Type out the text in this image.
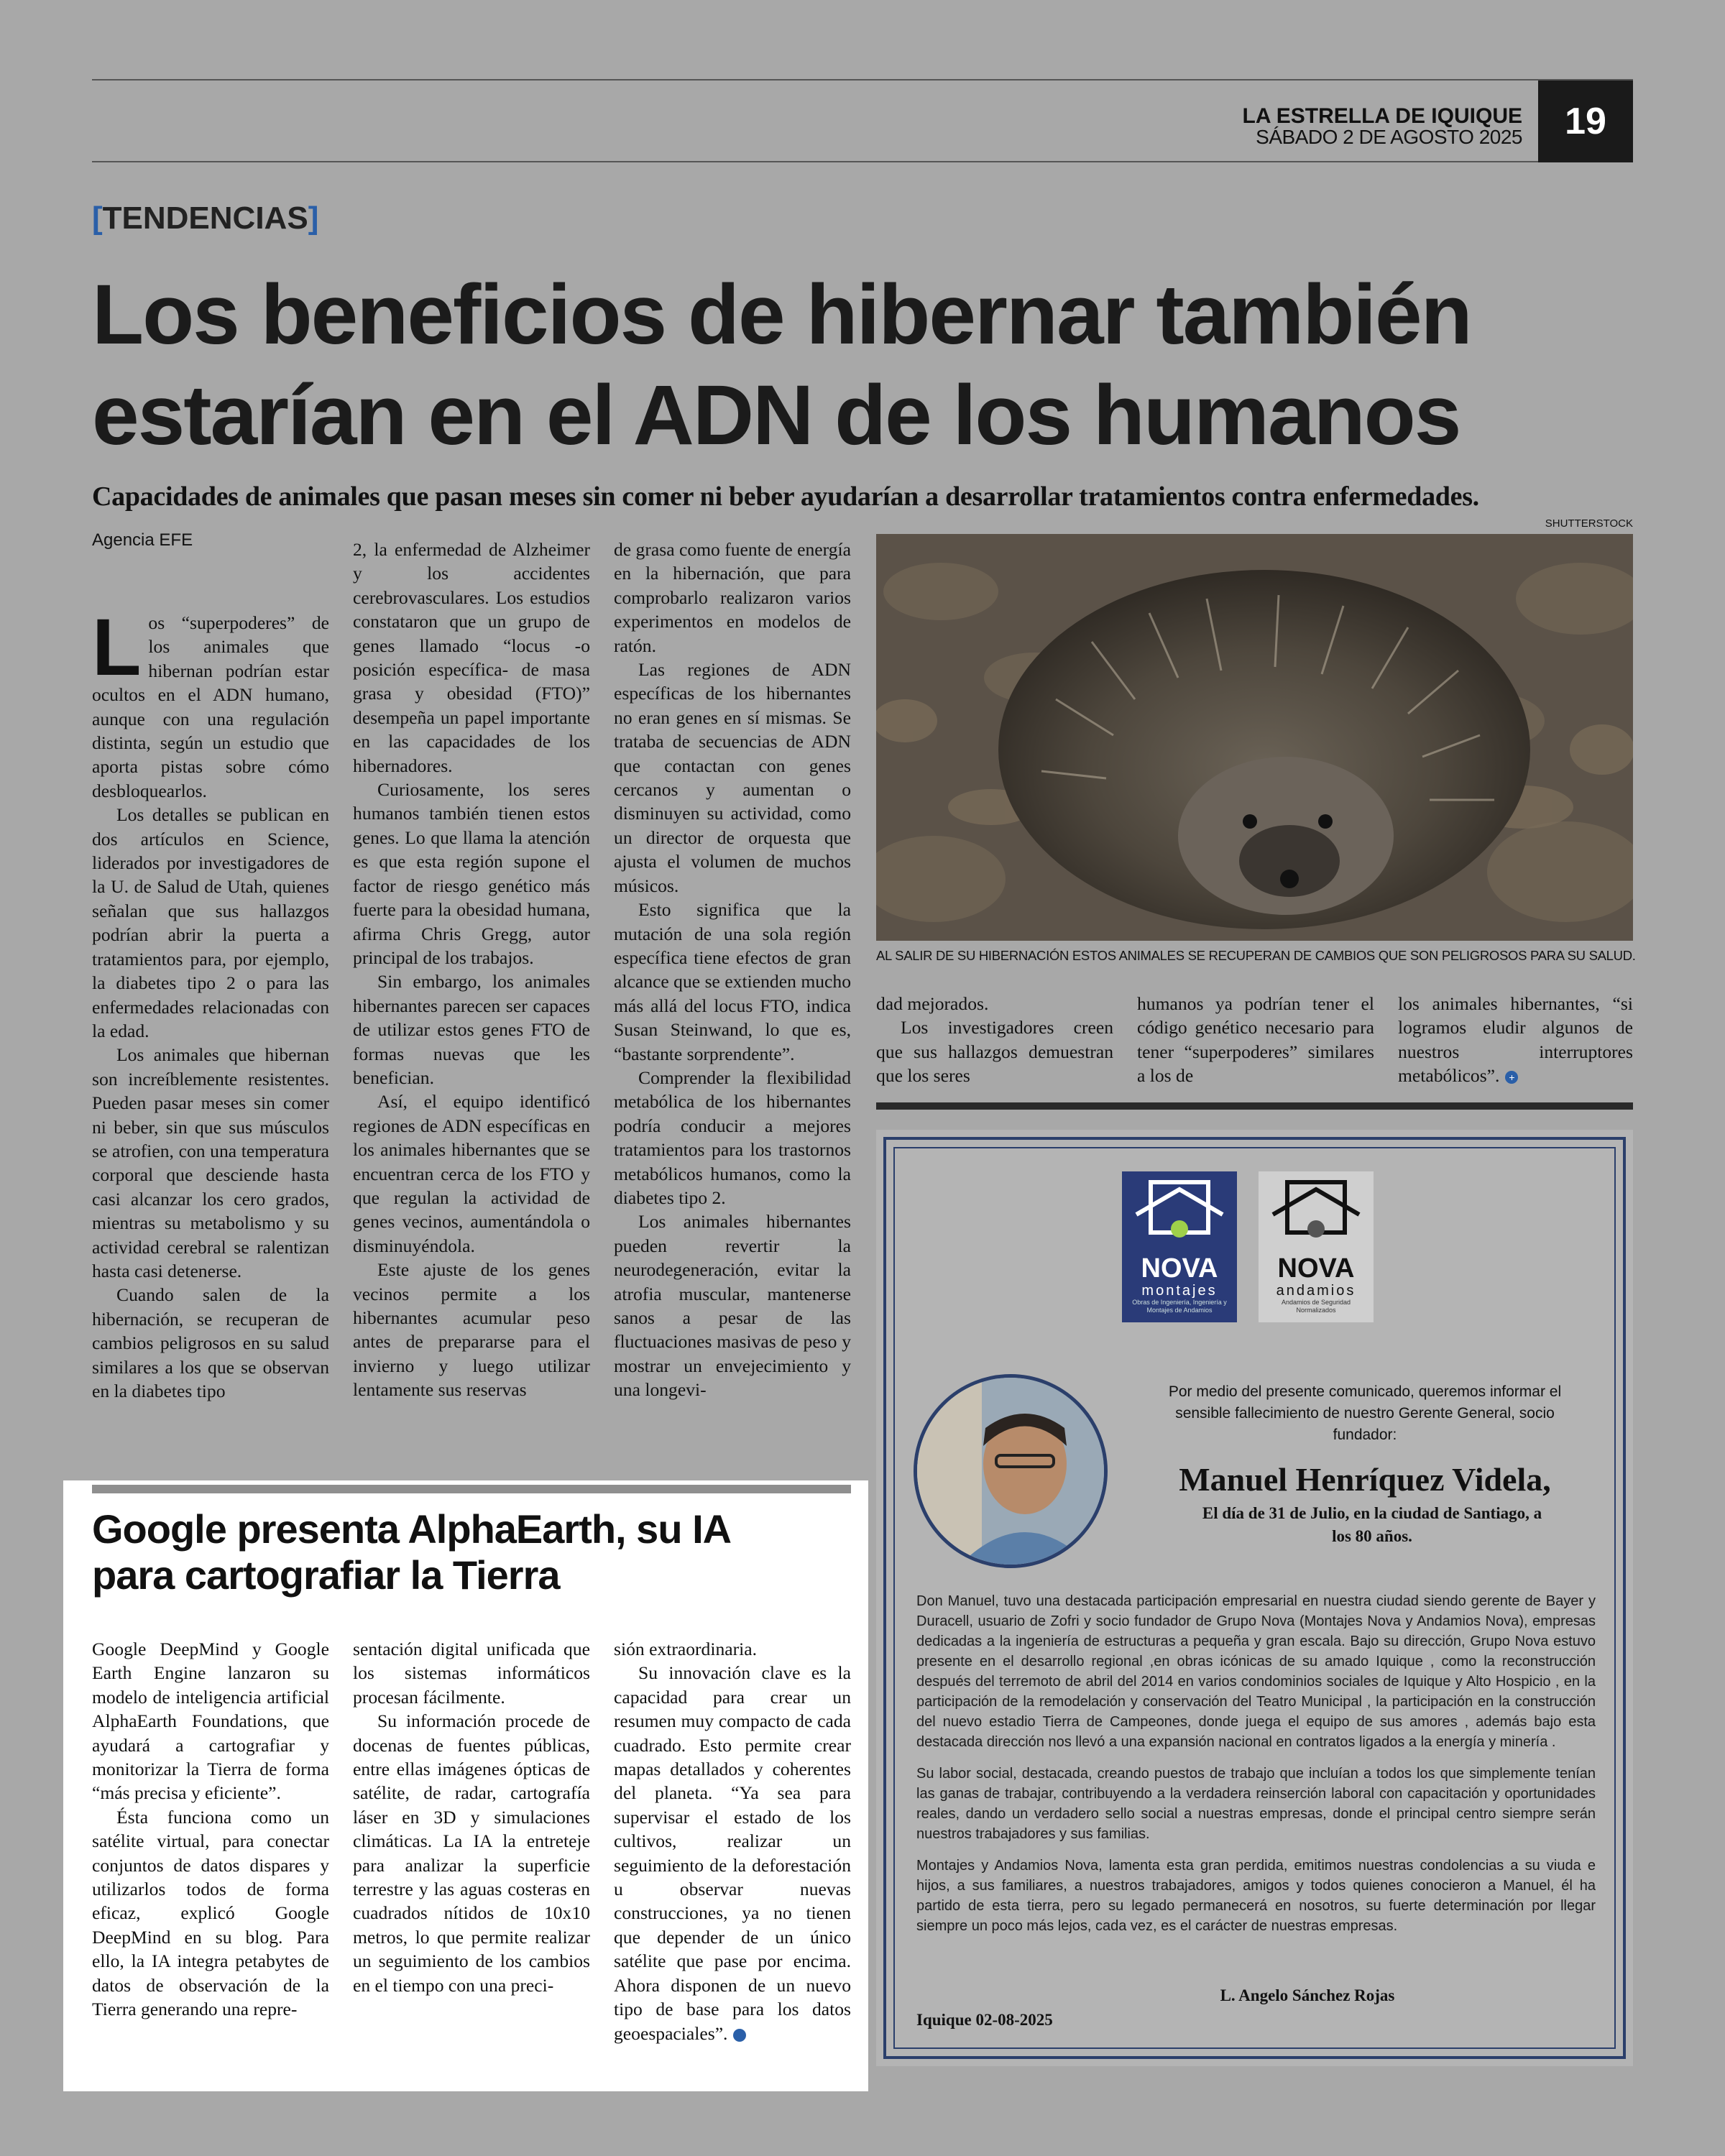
LA ESTRELLA DE IQUIQUE
SÁBADO 2 DE AGOSTO 2025	19
[TENDENCIAS]
Los beneficios de hibernar también
estarían en el ADN de los humanos
Capacidades de animales que pasan meses sin comer ni beber ayudarían a desarrollar tratamientos contra enfermedades.
Agencia EFE
SHUTTERSTOCK

Los “superpoderes” de los animales que hibernan podrían estar ocultos en el ADN humano, aunque con una regulación distinta, según un estudio que aporta pistas sobre cómo desbloquearlos.

Los detalles se publican en dos artículos en Science, liderados por investigadores de la U. de Salud de Utah, quienes señalan que sus hallazgos podrían abrir la puerta a tratamientos para, por ejemplo, la diabetes tipo 2 o para las enfermedades relacionadas con la edad.

Los animales que hibernan son increíblemente resistentes. Pueden pasar meses sin comer ni beber, sin que sus músculos se atrofien, con una temperatura corporal que desciende hasta casi alcanzar los cero grados, mientras su metabolismo y su actividad cerebral se ralentizan hasta casi detenerse.

Cuando salen de la hibernación, se recuperan de cambios peligrosos en su salud similares a los que se observan en la diabetes tipo

2, la enfermedad de Alzheimer y los accidentes cerebrovasculares. Los estudios constataron que un grupo de genes llamado “locus -o posición específica- de masa grasa y obesidad (FTO)” desempeña un papel importante en las capacidades de los hibernadores.

Curiosamente, los seres humanos también tienen estos genes. Lo que llama la atención es que esta región supone el factor de riesgo genético más fuerte para la obesidad humana, afirma Chris Gregg, autor principal de los trabajos.

Sin embargo, los animales hibernantes parecen ser capaces de utilizar estos genes FTO de formas nuevas que les benefician.

Así, el equipo identificó regiones de ADN específicas en los animales hibernantes que se encuentran cerca de los FTO y que regulan la actividad de genes vecinos, aumentándola o disminuyéndola.

Este ajuste de los genes vecinos permite a los hibernantes acumular peso antes de prepararse para el invierno y luego utilizar lentamente sus reservas

de grasa como fuente de energía en la hibernación, que para comprobarlo realizaron varios experimentos en modelos de ratón.

Las regiones de ADN específicas de los hibernantes no eran genes en sí mismas. Se trataba de secuencias de ADN que contactan con genes cercanos y aumentan o disminuyen su actividad, como un director de orquesta que ajusta el volumen de muchos músicos.

Esto significa que la mutación de una sola región específica tiene efectos de gran alcance que se extienden mucho más allá del locus FTO, indica Susan Steinwand, lo que es, “bastante sorprendente”.

Comprender la flexibilidad metabólica de los hibernantes podría conducir a mejores tratamientos para los trastornos metabólicos humanos, como la diabetes tipo 2.

Los animales hibernantes pueden revertir la neurodegeneración, evitar la atrofia muscular, mantenerse sanos a pesar de las fluctuaciones masivas de peso y mostrar un envejecimiento y una longevi-

AL SALIR DE SU HIBERNACIÓN ESTOS ANIMALES SE RECUPERAN DE CAMBIOS QUE SON PELIGROSOS PARA SU SALUD.

dad mejorados.

Los investigadores creen que sus hallazgos demuestran que los seres

humanos ya podrían tener el código genético necesario para tener “superpoderes” similares a los de

los animales hibernantes, “si logramos eludir algunos de nuestros interruptores metabólicos”. +

Google presenta AlphaEarth, su IA
para cartografiar la Tierra

Google DeepMind y Google Earth Engine lanzaron su modelo de inteligencia artificial AlphaEarth Foundations, que ayudará a cartografiar y monitorizar la Tierra de forma “más precisa y eficiente”.

Ésta funciona como un satélite virtual, para conectar conjuntos de datos dispares y utilizarlos todos de forma eficaz, explicó Google DeepMind en su blog. Para ello, la IA integra petabytes de datos de observación de la Tierra generando una repre-

sentación digital unificada que los sistemas informáticos procesan fácilmente.

Su información procede de docenas de fuentes públicas, entre ellas imágenes ópticas de satélite, de radar, cartografía láser en 3D y simulaciones climáticas. La IA la entreteje para analizar la superficie terrestre y las aguas costeras en cuadrados nítidos de 10x10 metros, lo que permite realizar un seguimiento de los cambios en el tiempo con una preci-

sión extraordinaria.

Su innovación clave es la capacidad para crear un resumen muy compacto de cada cuadrado. Esto permite crear mapas detallados y coherentes del planeta. “Ya sea para supervisar el estado de los cultivos, realizar un seguimiento de la deforestación u observar nuevas construcciones, ya no tienen que depender de un único satélite que pase por encima. Ahora disponen de un nuevo tipo de base para los datos geoespaciales”.	+

NOVA
montajes
Obras de Ingeniería, Ingeniería y Montajes de Andamios
NOVA
andamios
Andamios de Seguridad Normalizados
Por medio del presente comunicado, queremos informar el sensible fallecimiento de nuestro Gerente General, socio fundador:
Manuel Henríquez Videla,
El día de 31 de Julio, en la ciudad de Santiago, a los 80 años.

Don Manuel, tuvo una destacada participación empresarial en nuestra ciudad siendo gerente de Bayer y Duracell, usuario de Zofri y socio fundador de Grupo Nova (Montajes Nova y Andamios Nova), empresas dedicadas a la ingeniería de estructuras a pequeña y gran escala. Bajo su dirección, Grupo Nova estuvo presente en el desarrollo regional ,en obras icónicas de su amado Iquique , como la reconstrucción después del terremoto de abril del 2014 en varios condominios sociales de Iquique y Alto Hospicio , en la participación de la remodelación y conservación del Teatro Municipal , la participación en la construcción del nuevo estadio Tierra de Campeones, donde juega el equipo de sus amores , además bajo esta destacada dirección nos llevó a una expansión nacional en contratos ligados a la energía y minería .

Su labor social, destacada, creando puestos de trabajo que incluían a todos los que simplemente tenían las ganas de trabajar, contribuyendo a la verdadera reinserción laboral con capacitación y oportunidades reales, dando un verdadero sello social a nuestras empresas, donde el principal centro siempre serán nuestros trabajadores y sus familias.

Montajes y Andamios Nova, lamenta esta gran perdida, emitimos nuestras condolencias a su viuda e hijos, a sus familiares, a nuestros trabajadores, amigos y todos quienes conocieron a Manuel, él ha partido de esta tierra, pero su legado permanecerá en nosotros, su fuerte determinación por llegar siempre un poco más lejos, cada vez, es el carácter de nuestras empresas.

L. Angelo Sánchez Rojas
Iquique 02-08-2025
